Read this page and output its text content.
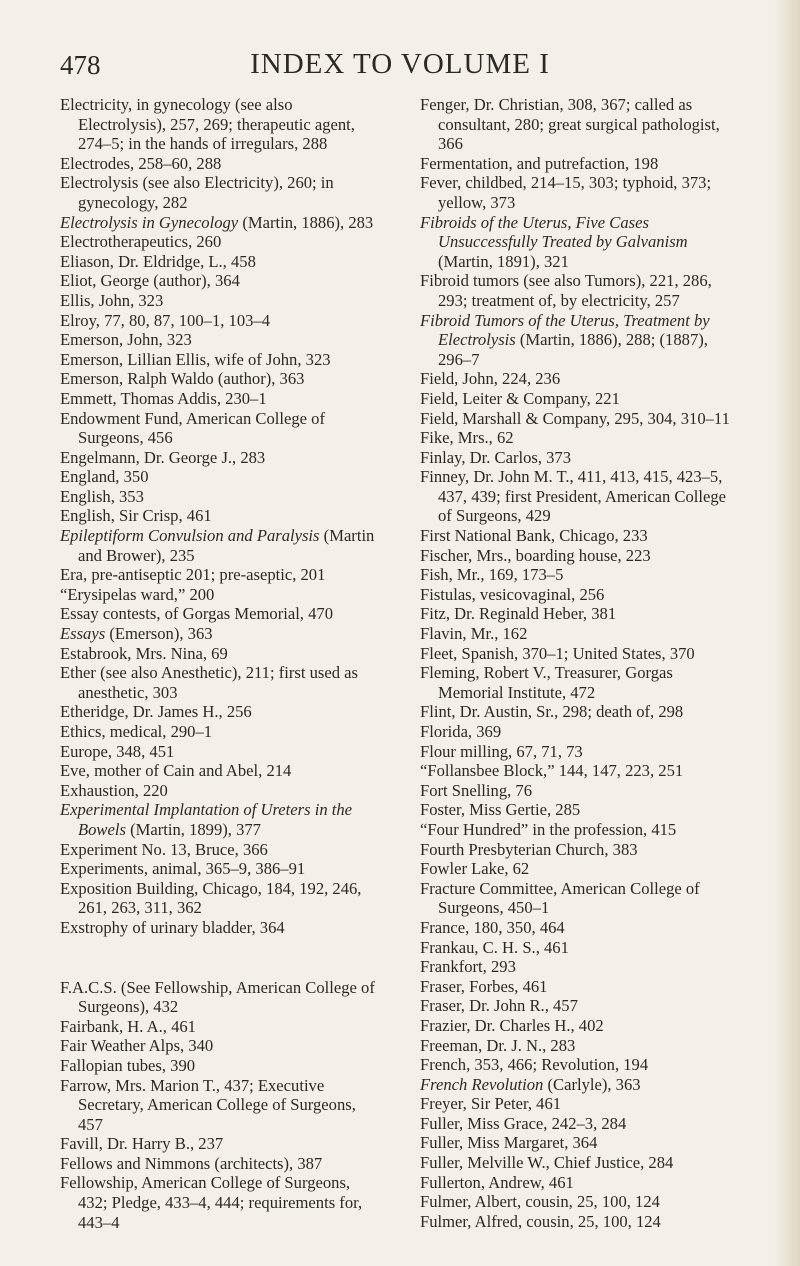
478	INDEX TO VOLUME I

Electricity, in gynecology (see also Electrolysis), 257, 269; therapeutic agent, 274–5; in the hands of irregulars, 288

Electrodes, 258–60, 288

Electrolysis (see also Electricity), 260; in gynecology, 282

Electrolysis in Gynecology (Martin, 1886), 283

Electrotherapeutics, 260

Eliason, Dr. Eldridge, L., 458

Eliot, George (author), 364

Ellis, John, 323

Elroy, 77, 80, 87, 100–1, 103–4

Emerson, John, 323

Emerson, Lillian Ellis, wife of John, 323

Emerson, Ralph Waldo (author), 363

Emmett, Thomas Addis, 230–1

Endowment Fund, American College of Surgeons, 456

Engelmann, Dr. George J., 283

England, 350

English, 353

English, Sir Crisp, 461

Epileptiform Convulsion and Paralysis (Martin and Brower), 235

Era, pre-antiseptic 201; pre-aseptic, 201

“Erysipelas ward,” 200

Essay contests, of Gorgas Memorial, 470

Essays (Emerson), 363

Estabrook, Mrs. Nina, 69

Ether (see also Anesthetic), 211; first used as anesthetic, 303

Etheridge, Dr. James H., 256

Ethics, medical, 290–1

Europe, 348, 451

Eve, mother of Cain and Abel, 214

Exhaustion, 220

Experimental Implantation of Ureters in the Bowels (Martin, 1899), 377

Experiment No. 13, Bruce, 366

Experiments, animal, 365–9, 386–91

Exposition Building, Chicago, 184, 192, 246, 261, 263, 311, 362

Exstrophy of urinary bladder, 364

F.A.C.S. (See Fellowship, American College of Surgeons), 432

Fairbank, H. A., 461

Fair Weather Alps, 340

Fallopian tubes, 390

Farrow, Mrs. Marion T., 437; Executive Secretary, American College of Surgeons, 457

Favill, Dr. Harry B., 237

Fellows and Nimmons (architects), 387

Fellowship, American College of Surgeons, 432; Pledge, 433–4, 444; requirements for, 443–4

Fenger, Dr. Christian, 308, 367; called as consultant, 280; great surgical pathologist, 366

Fermentation, and putrefaction, 198

Fever, childbed, 214–15, 303; typhoid, 373; yellow, 373

Fibroids of the Uterus, Five Cases Unsuccessfully Treated by Galvanism (Martin, 1891), 321

Fibroid tumors (see also Tumors), 221, 286, 293; treatment of, by electricity, 257

Fibroid Tumors of the Uterus, Treatment by Electrolysis (Martin, 1886), 288; (1887), 296–7

Field, John, 224, 236

Field, Leiter & Company, 221

Field, Marshall & Company, 295, 304, 310–11

Fike, Mrs., 62

Finlay, Dr. Carlos, 373

Finney, Dr. John M. T., 411, 413, 415, 423–5, 437, 439; first President, American College of Surgeons, 429

First National Bank, Chicago, 233

Fischer, Mrs., boarding house, 223

Fish, Mr., 169, 173–5

Fistulas, vesicovaginal, 256

Fitz, Dr. Reginald Heber, 381

Flavin, Mr., 162

Fleet, Spanish, 370–1; United States, 370

Fleming, Robert V., Treasurer, Gorgas Memorial Institute, 472

Flint, Dr. Austin, Sr., 298; death of, 298

Florida, 369

Flour milling, 67, 71, 73

“Follansbee Block,” 144, 147, 223, 251

Fort Snelling, 76

Foster, Miss Gertie, 285

“Four Hundred” in the profession, 415

Fourth Presbyterian Church, 383

Fowler Lake, 62

Fracture Committee, American College of Surgeons, 450–1

France, 180, 350, 464

Frankau, C. H. S., 461

Frankfort, 293

Fraser, Forbes, 461

Fraser, Dr. John R., 457

Frazier, Dr. Charles H., 402

Freeman, Dr. J. N., 283

French, 353, 466; Revolution, 194

French Revolution (Carlyle), 363

Freyer, Sir Peter, 461

Fuller, Miss Grace, 242–3, 284

Fuller, Miss Margaret, 364

Fuller, Melville W., Chief Justice, 284

Fullerton, Andrew, 461

Fulmer, Albert, cousin, 25, 100, 124

Fulmer, Alfred, cousin, 25, 100, 124
